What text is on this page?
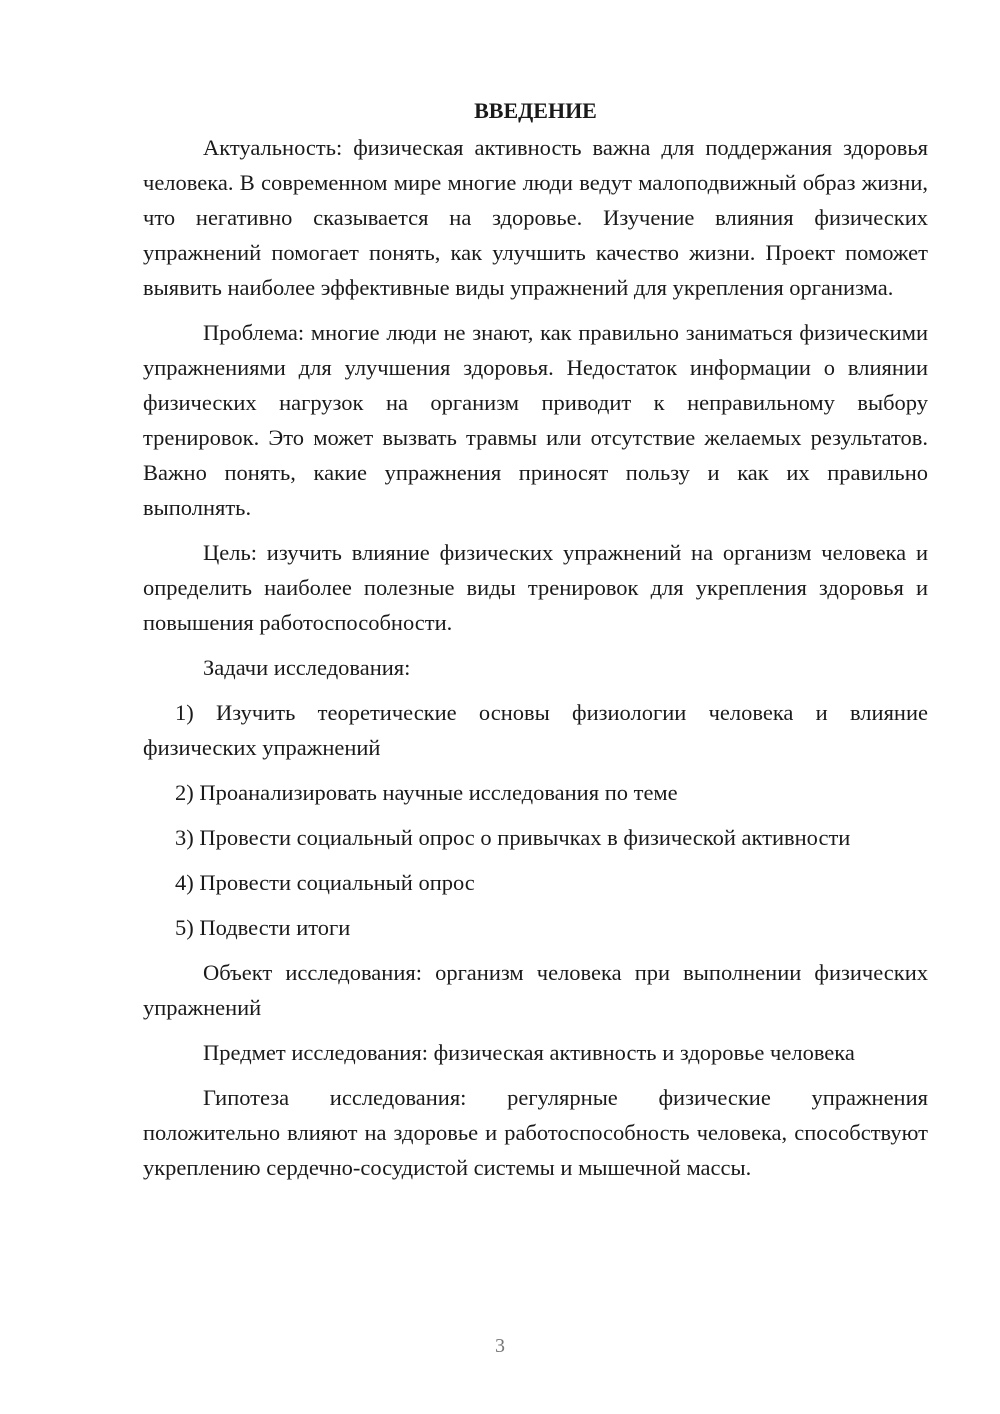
ВВЕДЕНИЕ

Актуальность: физическая активность важна для поддержания здоровья человека. В современном мире многие люди ведут малоподвижный образ жизни, что негативно сказывается на здоровье. Изучение влияния физических упражнений помогает понять, как улучшить качество жизни. Проект поможет выявить наиболее эффективные виды упражнений для укрепления организма.

Проблема: многие люди не знают, как правильно заниматься физическими упражнениями для улучшения здоровья. Недостаток информации о влиянии физических нагрузок на организм приводит к неправильному выбору тренировок. Это может вызвать травмы или отсутствие желаемых результатов. Важно понять, какие упражнения приносят пользу и как их правильно выполнять.

Цель: изучить влияние физических упражнений на организм человека и определить наиболее полезные виды тренировок для укрепления здоровья и повышения работоспособности.

Задачи исследования:

1) Изучить теоретические основы физиологии человека и влияние физических упражнений

2) Проанализировать научные исследования по теме

3) Провести социальный опрос о привычках в физической активности

4) Провести социальный опрос

5) Подвести итоги

Объект исследования: организм человека при выполнении физических упражнений

Предмет исследования: физическая активность и здоровье человека

Гипотеза исследования: регулярные физические упражнения положительно влияют на здоровье и работоспособность человека, способствуют укреплению сердечно-сосудистой системы и мышечной массы.

3
